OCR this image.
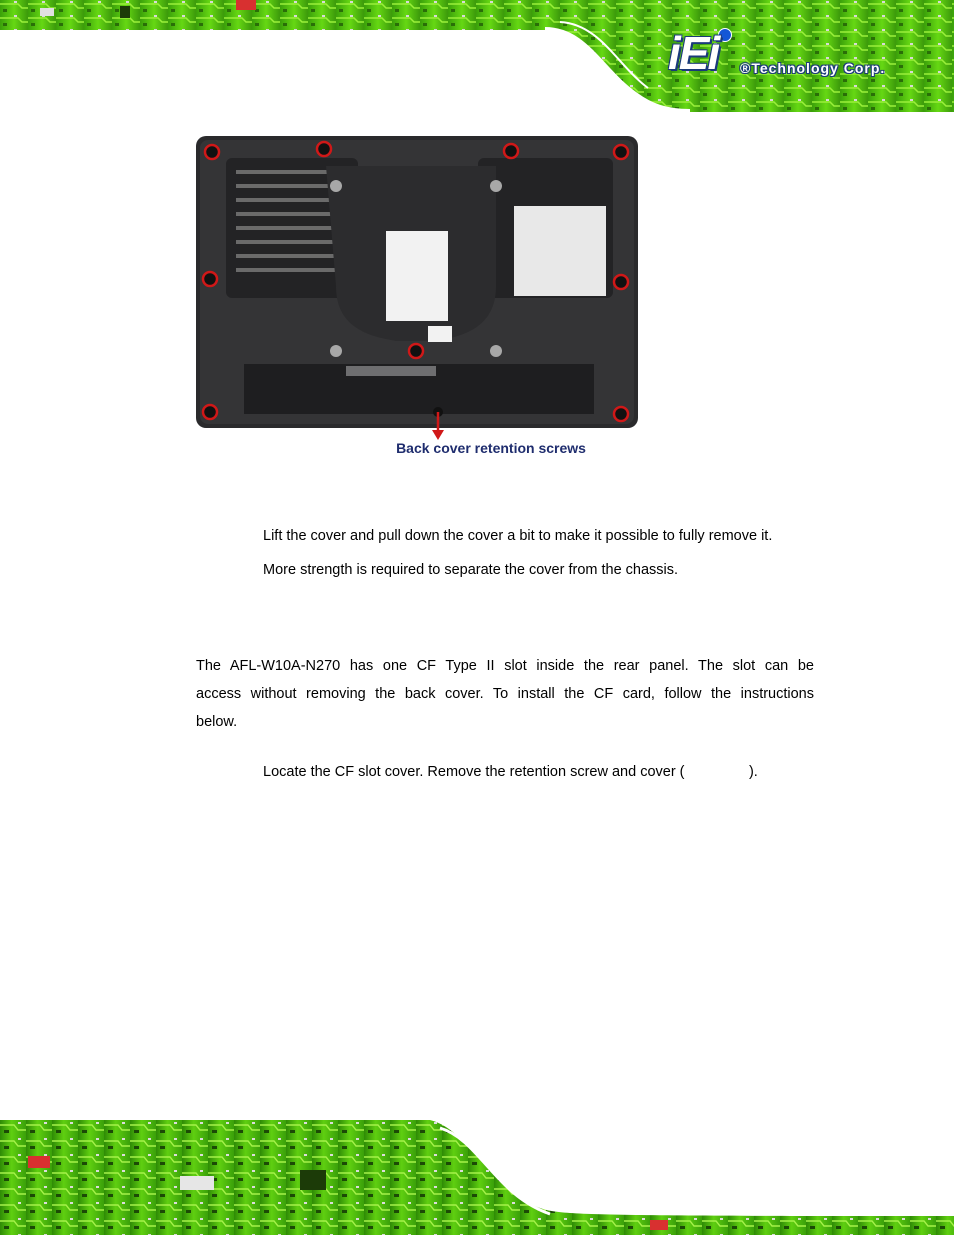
iEi ®Technology Corp.
Back cover retention screws
Lift the cover and pull down the cover a bit to make it possible to fully remove it.
More strength is required to separate the cover from the chassis.
The AFL-W10A-N270 has one CF Type II slot inside the rear panel. The slot can be
access without removing the back cover. To install the CF card, follow the instructions
below.
Locate the CF slot cover. Remove the retention screw and cover (                ).
